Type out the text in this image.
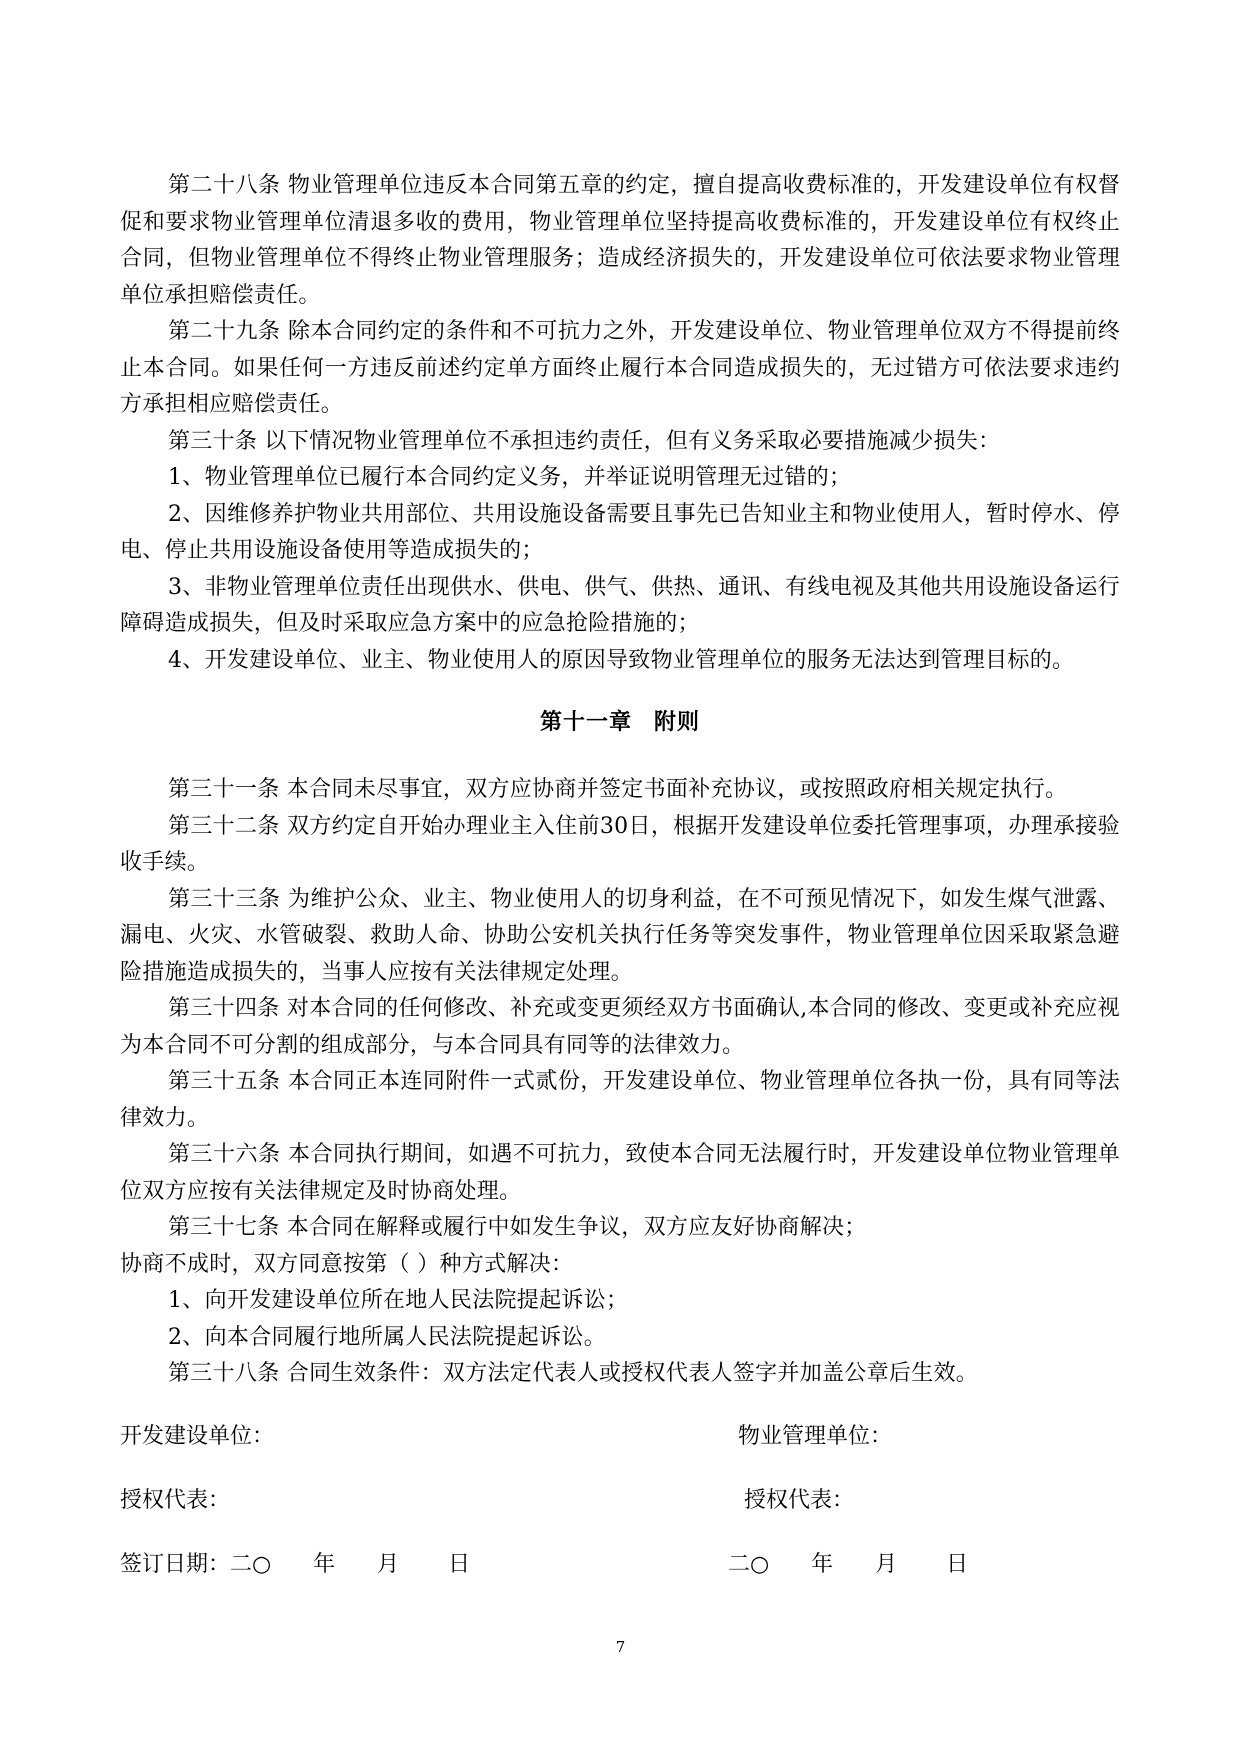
第二十八条 物业管理单位违反本合同第五章的约定，擅自提高收费标准的，开发建设单位有权督促和要求物业管理单位清退多收的费用，物业管理单位坚持提高收费标准的，开发建设单位有权终止合同，但物业管理单位不得终止物业管理服务；造成经济损失的，开发建设单位可依法要求物业管理单位承担赔偿责任。

第二十九条 除本合同约定的条件和不可抗力之外，开发建设单位、物业管理单位双方不得提前终止本合同。如果任何一方违反前述约定单方面终止履行本合同造成损失的，无过错方可依法要求违约方承担相应赔偿责任。

第三十条 以下情况物业管理单位不承担违约责任，但有义务采取必要措施减少损失：

1、物业管理单位已履行本合同约定义务，并举证说明管理无过错的；

2、因维修养护物业共用部位、共用设施设备需要且事先已告知业主和物业使用人，暂时停水、停电、停止共用设施设备使用等造成损失的；

3、非物业管理单位责任出现供水、供电、供气、供热、通讯、有线电视及其他共用设施设备运行障碍造成损失，但及时采取应急方案中的应急抢险措施的；

4、开发建设单位、业主、物业使用人的原因导致物业管理单位的服务无法达到管理目标的。

第十一章 附则

第三十一条 本合同未尽事宜，双方应协商并签定书面补充协议，或按照政府相关规定执行。

第三十二条 双方约定自开始办理业主入住前30日，根据开发建设单位委托管理事项，办理承接验收手续。

第三十三条 为维护公众、业主、物业使用人的切身利益，在不可预见情况下，如发生煤气泄露、漏电、火灾、水管破裂、救助人命、协助公安机关执行任务等突发事件，物业管理单位因采取紧急避险措施造成损失的，当事人应按有关法律规定处理。

第三十四条 对本合同的任何修改、补充或变更须经双方书面确认,本合同的修改、变更或补充应视为本合同不可分割的组成部分，与本合同具有同等的法律效力。

第三十五条 本合同正本连同附件一式贰份，开发建设单位、物业管理单位各执一份，具有同等法律效力。

第三十六条 本合同执行期间，如遇不可抗力，致使本合同无法履行时，开发建设单位物业管理单位双方应按有关法律规定及时协商处理。

第三十七条 本合同在解释或履行中如发生争议，双方应友好协商解决；

协商不成时，双方同意按第（ ）种方式解决：

1、向开发建设单位所在地人民法院提起诉讼；

2、向本合同履行地所属人民法院提起诉讼。

第三十八条 合同生效条件：双方法定代表人或授权代表人签字并加盖公章后生效。

开发建设单位：	物业管理单位：
授权代表：	授权代表：
签订日期：二○      年      月       日	二○      年      月       日
7
